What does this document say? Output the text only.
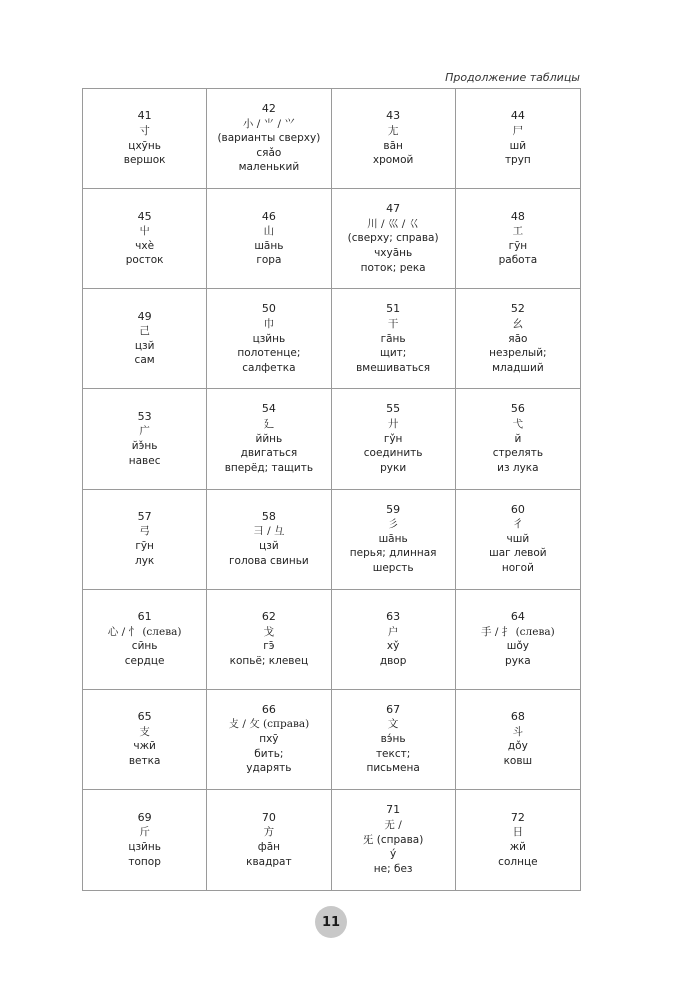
Продолжение таблицы
41
寸
цхӯнь
вершок
42
小 / ⺌ / ⺍
(варианты сверху)
сяǎо
маленький
43
尢
вāн
хромой
44
尸
шӣ
труп
45
屮
чхѐ
росток
46
山
шāнь
гора
47
川 / 巛 / 巜
(сверху; справа)
чхуāнь
поток; река
48
工
гӯн
работа
49
己
цзй
сам
50
巾
цзйнь
полотенце;
салфетка
51
干
гāнь
щит;
вмешиваться
52
幺
яāо
незрелый;
младший
53
广
йэ̌нь
навес
54
廴
ййнь
двигаться
вперёд; тащить
55
廾
гу̌н
соединить
руки
56
弋
й
стрелять
из лука
57
弓
гӯн
лук
58
彐 / 彑
цзй
голова свиньи
59
彡
шāнь
перья; длинная
шерсть
60
彳
чшй
шаг левой
ногой
61
心 / 忄 (слева)
сӣнь
сердце
62
戈
гэ̄
копьё; клевец
63
户
ху̌
двор
64
手 / 扌 (слева)
шо̌у
рука
65
支
чжӣ
ветка
66
攴 / 攵 (справа)
пхӯ
бить;
ударять
67
文
вэ́нь
текст;
письмена
68
斗
до̌у
ковш
69
斤
цзӣнь
топор
70
方
фāн
квадрат
71
无 /
旡 (справа)
у́
не; без
72
日
жй
солнце
11
